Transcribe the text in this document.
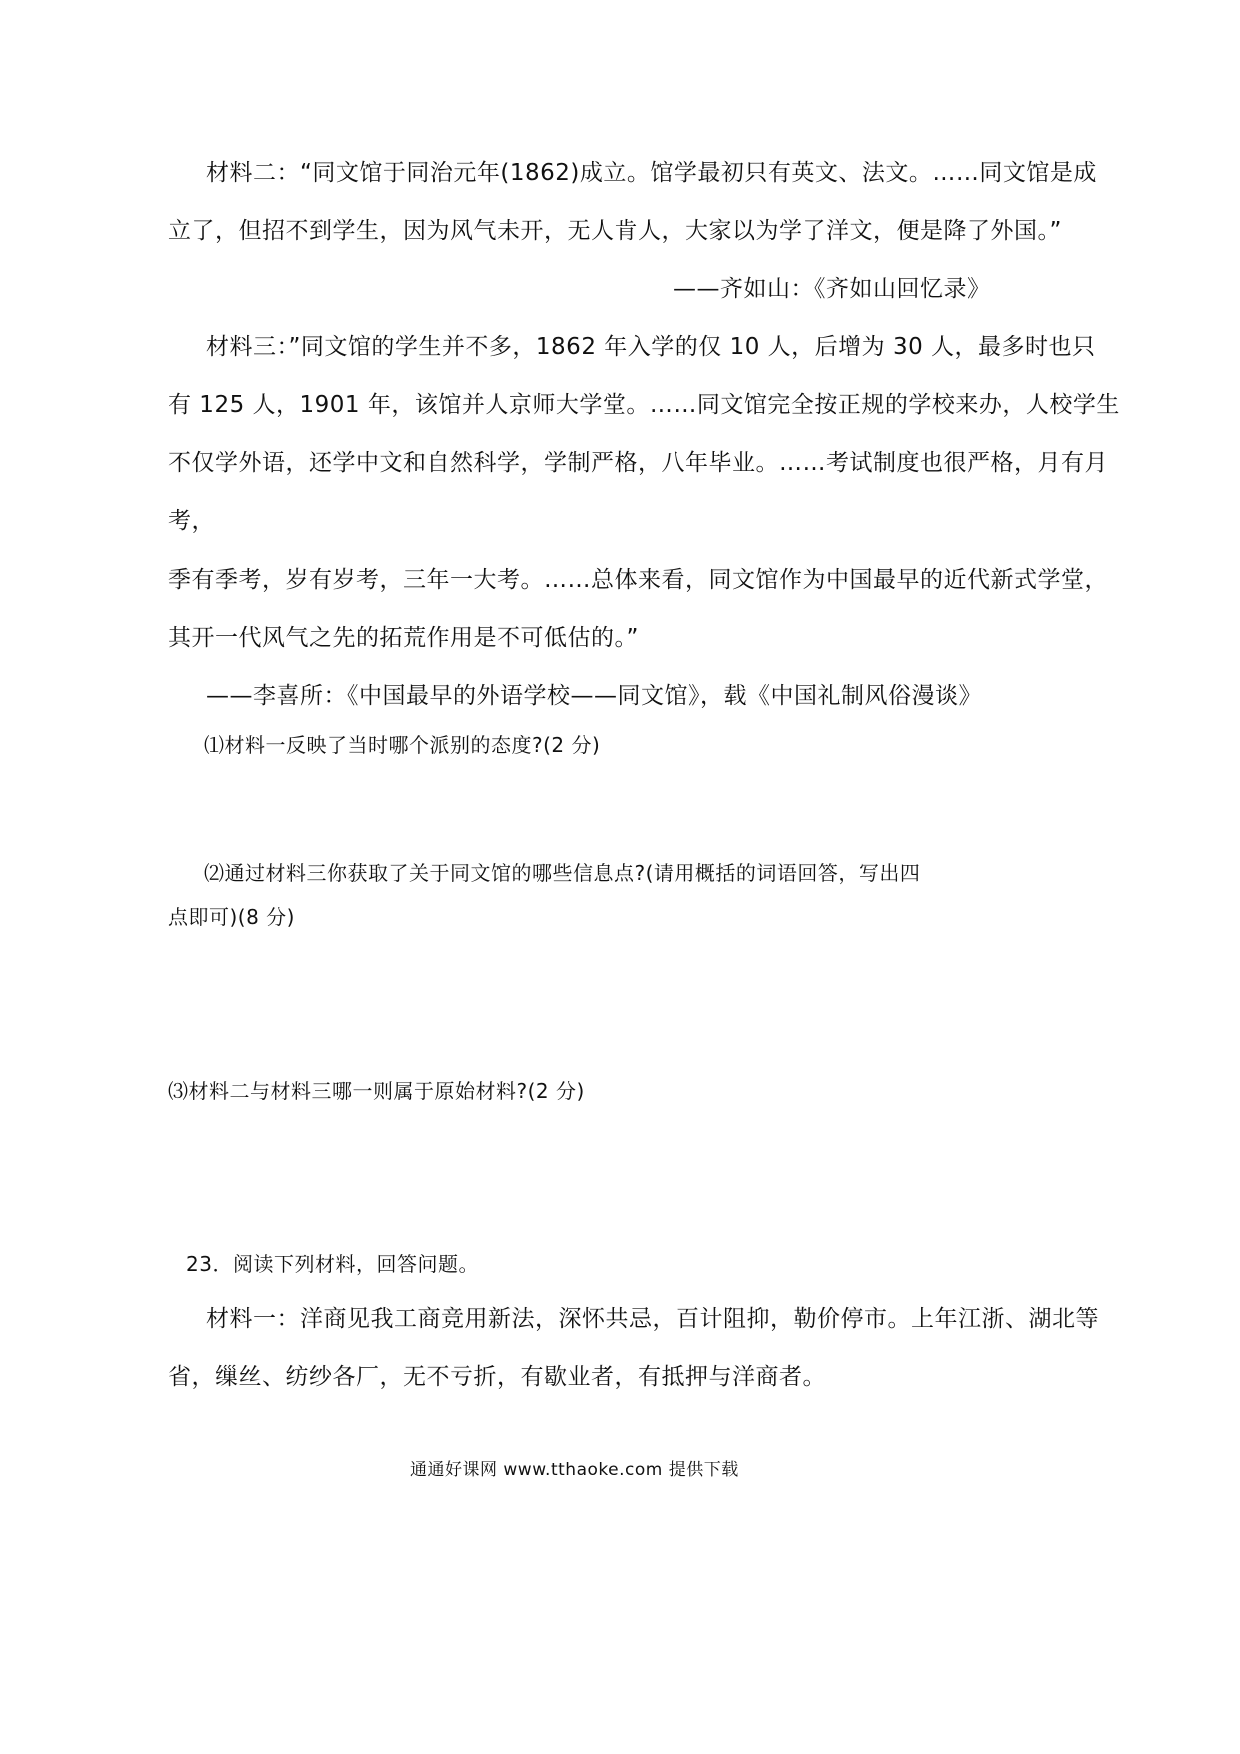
材料二：“同文馆于同治元年(1862)成立。馆学最初只有英文、法文。……同文馆是成

立了，但招不到学生，因为风气未开，无人肯人，大家以为学了洋文，便是降了外国。”

——齐如山：《齐如山回忆录》

材料三：”同文馆的学生并不多，1862 年入学的仅 10 人，后增为 30 人，最多时也只

有 125 人，1901 年，该馆并人京师大学堂。……同文馆完全按正规的学校来办，人校学生

不仅学外语，还学中文和自然科学，学制严格，八年毕业。……考试制度也很严格，月有月

考，

季有季考，岁有岁考，三年一大考。……总体来看，同文馆作为中国最早的近代新式学堂，

其开一代风气之先的拓荒作用是不可低估的。”

——李喜所：《中国最早的外语学校——同文馆》，载《中国礼制风俗漫谈》

⑴材料一反映了当时哪个派别的态度?(2 分)

⑵通过材料三你获取了关于同文馆的哪些信息点?(请用概括的词语回答，写出四

点即可)(8 分)

⑶材料二与材料三哪一则属于原始材料?(2 分)

23．阅读下列材料，回答问题。

材料一：洋商见我工商竞用新法，深怀共忌，百计阻抑，勒价停市。上年江浙、湖北等

省，缫丝、纺纱各厂，无不亏折，有歇业者，有抵押与洋商者。

通通好课网 www.tthaoke.com 提供下载
